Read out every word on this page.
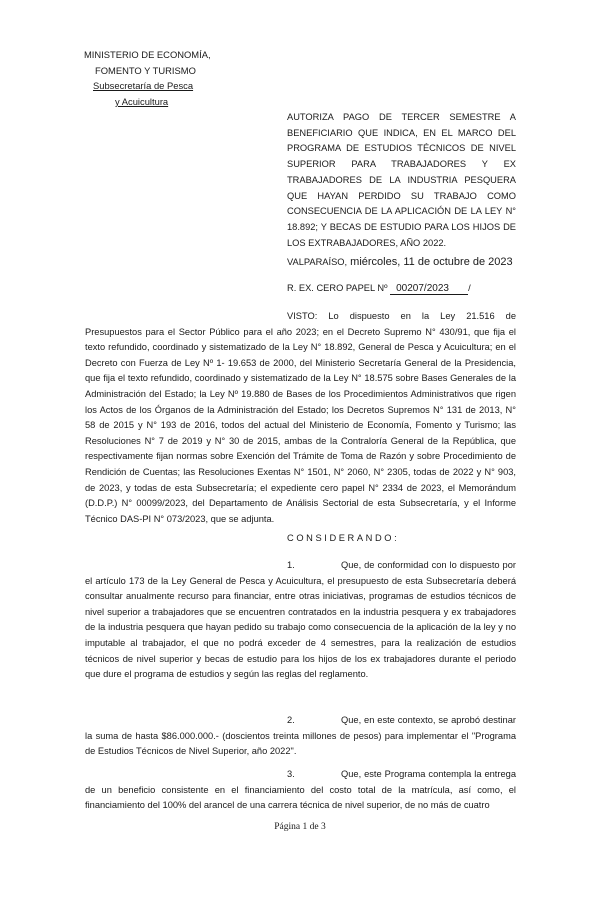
MINISTERIO DE ECONOMÍA,
FOMENTO Y TURISMO
Subsecretaría de Pesca
y Acuicultura
AUTORIZA PAGO DE TERCER SEMESTRE A BENEFICIARIO QUE INDICA, EN EL MARCO DEL PROGRAMA DE ESTUDIOS TÉCNICOS DE NIVEL SUPERIOR PARA TRABAJADORES Y EX TRABAJADORES DE LA INDUSTRIA PESQUERA QUE HAYAN PERDIDO SU TRABAJO COMO CONSECUENCIA DE LA APLICACIÓN DE LA LEY N° 18.892; Y BECAS DE ESTUDIO PARA LOS HIJOS DE LOS EXTRABAJADORES, AÑO 2022.
VALPARAÍSO, miércoles, 11 de octubre de 2023
R. EX. CERO PAPEL Nº 00207/2023 /

VISTO: Lo dispuesto en la Ley 21.516 de Presupuestos para el Sector Público para el año 2023; en el Decreto Supremo N° 430/91, que fija el texto refundido, coordinado y sistematizado de la Ley N° 18.892, General de Pesca y Acuicultura; en el Decreto con Fuerza de Ley Nº 1- 19.653 de 2000, del Ministerio Secretaría General de la Presidencia, que fija el texto refundido, coordinado y sistematizado de la Ley N° 18.575 sobre Bases Generales de la Administración del Estado; la Ley Nº 19.880 de Bases de los Procedimientos Administrativos que rigen los Actos de los Órganos de la Administración del Estado; los Decretos Supremos N° 131 de 2013, N° 58 de 2015 y N° 193 de 2016, todos del actual del Ministerio de Economía, Fomento y Turismo; las Resoluciones N° 7 de 2019 y N° 30 de 2015, ambas de la Contraloría General de la República, que respectivamente fijan normas sobre Exención del Trámite de Toma de Razón y sobre Procedimiento de Rendición de Cuentas; las Resoluciones Exentas N° 1501, N° 2060, N° 2305, todas de 2022 y N° 903, de 2023, y todas de esta Subsecretaría; el expediente cero papel N° 2334 de 2023, el Memorándum (D.D.P.) N° 00099/2023, del Departamento de Análisis Sectorial de esta Subsecretaría, y el Informe Técnico DAS-PI N° 073/2023, que se adjunta.

CONSIDERANDO:

1.	Que, de conformidad con lo dispuesto por el artículo 173 de la Ley General de Pesca y Acuicultura, el presupuesto de esta Subsecretaría deberá consultar anualmente recurso para financiar, entre otras iniciativas, programas de estudios técnicos de nivel superior a trabajadores que se encuentren contratados en la industria pesquera y ex trabajadores de la industria pesquera que hayan pedido su trabajo como consecuencia de la aplicación de la ley y no imputable al trabajador, el que no podrá exceder de 4 semestres, para la realización de estudios técnicos de nivel superior y becas de estudio para los hijos de los ex trabajadores durante el periodo que dure el programa de estudios y según las reglas del reglamento.

2.	Que, en este contexto, se aprobó destinar la suma de hasta $86.000.000.- (doscientos treinta millones de pesos) para implementar el "Programa de Estudios Técnicos de Nivel Superior, año 2022".

3.	Que, este Programa contempla la entrega de un beneficio consistente en el financiamiento del costo total de la matrícula, así como, el financiamiento del 100% del arancel de una carrera técnica de nivel superior, de no más de cuatro

Página 1 de 3
